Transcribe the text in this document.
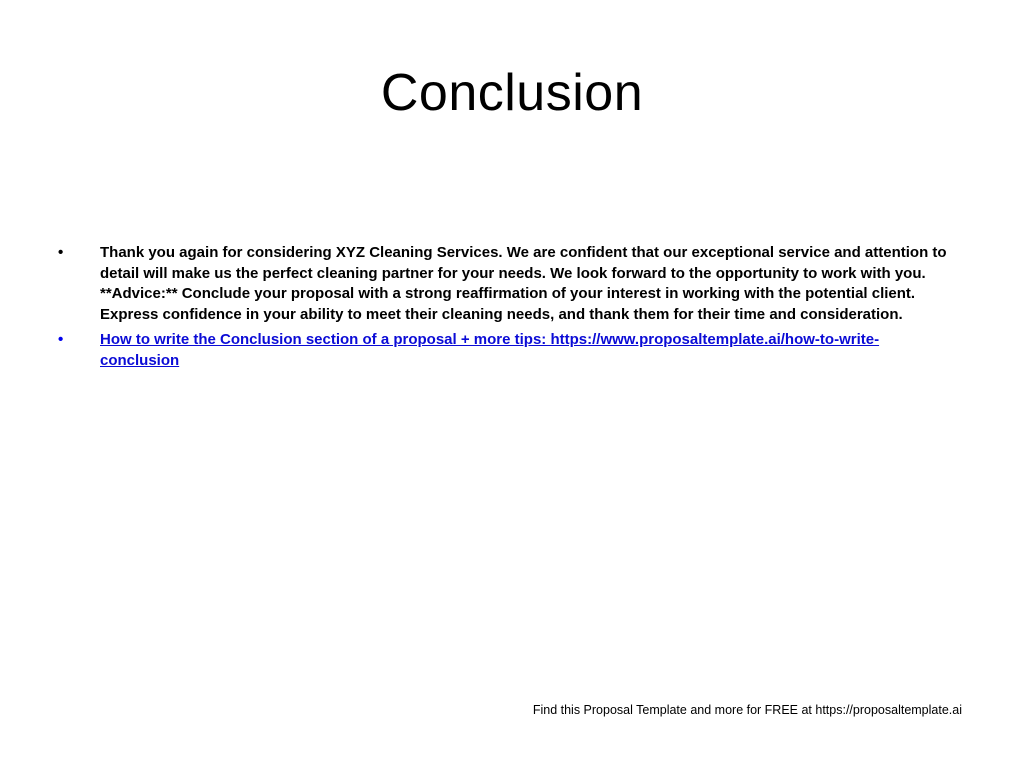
Conclusion
•	Thank you again for considering XYZ Cleaning Services. We are confident that our exceptional service and attention to detail will make us the perfect cleaning partner for your needs. We look forward to the opportunity to work with you. **Advice:** Conclude your proposal with a strong reaffirmation of your interest in working with the potential client. Express confidence in your ability to meet their cleaning needs, and thank them for their time and consideration.
•	How to write the Conclusion section of a proposal + more tips: https://www.proposaltemplate.ai/how-to-write-conclusion
Find this Proposal Template and more for FREE at https://proposaltemplate.ai
